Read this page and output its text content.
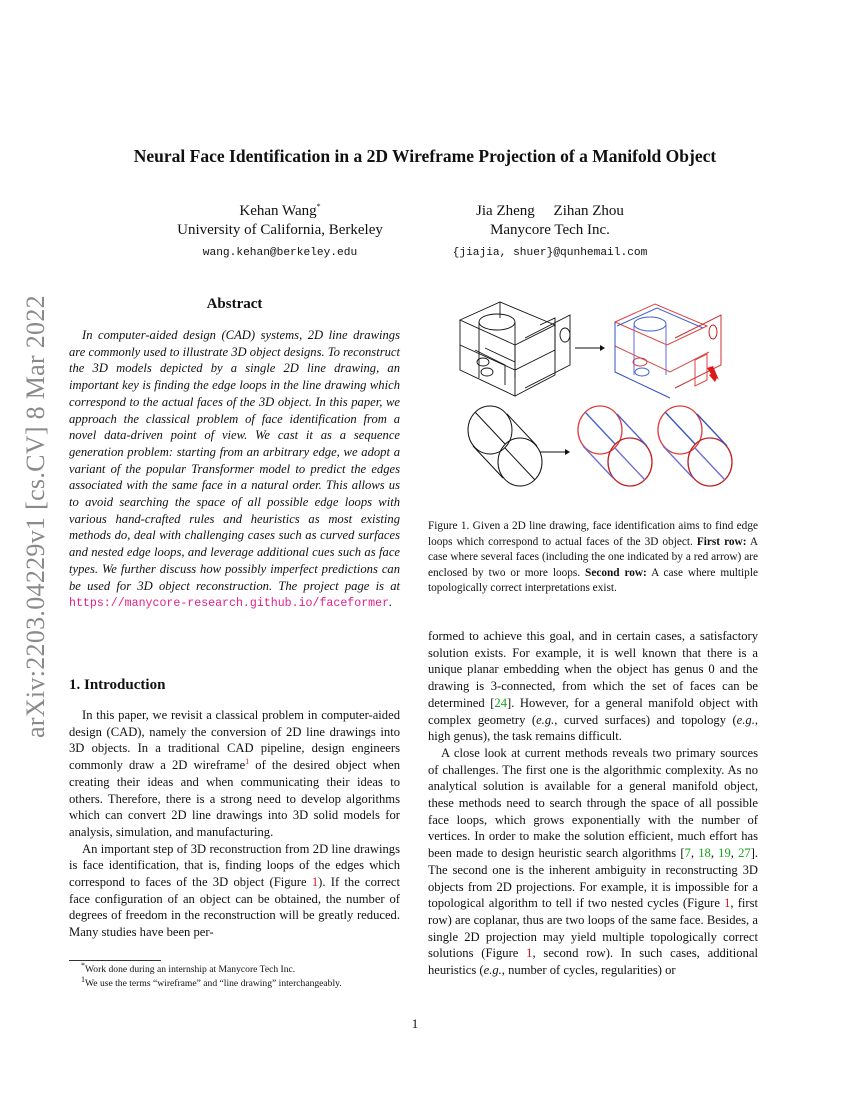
arXiv:2203.04229v1 [cs.CV] 8 Mar 2022
Neural Face Identification in a 2D Wireframe Projection of a Manifold Object
Kehan Wang*
University of California, Berkeley
wang.kehan@berkeley.edu
Jia Zheng     Zihan Zhou
Manycore Tech Inc.
{jiajia, shuer}@qunhemail.com
Abstract
In computer-aided design (CAD) systems, 2D line drawings are commonly used to illustrate 3D object designs. To reconstruct the 3D models depicted by a single 2D line drawing, an important key is finding the edge loops in the line drawing which correspond to the actual faces of the 3D object. In this paper, we approach the classical problem of face identification from a novel data-driven point of view. We cast it as a sequence generation problem: starting from an arbitrary edge, we adopt a variant of the popular Transformer model to predict the edges associated with the same face in a natural order. This allows us to avoid searching the space of all possible edge loops with various hand-crafted rules and heuristics as most existing methods do, deal with challenging cases such as curved surfaces and nested edge loops, and leverage additional cues such as face types. We further discuss how possibly imperfect predictions can be used for 3D object reconstruction. The project page is at https://manycore-research.github.io/faceformer.
1. Introduction

In this paper, we revisit a classical problem in computer-aided design (CAD), namely the conversion of 2D line drawings into 3D objects. In a traditional CAD pipeline, design engineers commonly draw a 2D wireframe$^1$ of the desired object when creating their ideas and when communicating their ideas to others. Therefore, there is a strong need to develop algorithms which can convert 2D line drawings into 3D solid models for analysis, simulation, and manufacturing.

An important step of 3D reconstruction from 2D line drawings is face identification, that is, finding loops of the edges which correspond to faces of the 3D object (Figure 1). If the correct face configuration of an object can be obtained, the number of degrees of freedom in the reconstruction will be greatly reduced. Many studies have been per-

*Work done during an internship at Manycore Tech Inc.
$^1$We use the terms “wireframe” and “line drawing” interchangeably.
Figure 1. Given a 2D line drawing, face identification aims to find edge loops which correspond to actual faces of the 3D object. First row: A case where several faces (including the one indicated by a red arrow) are enclosed by two or more loops. Second row: A case where multiple topologically correct interpretations exist.

formed to achieve this goal, and in certain cases, a satisfactory solution exists. For example, it is well known that there is a unique planar embedding when the object has genus 0 and the drawing is 3-connected, from which the set of faces can be determined [24]. However, for a general manifold object with complex geometry (e.g., curved surfaces) and topology (e.g., high genus), the task remains difficult.

A close look at current methods reveals two primary sources of challenges. The first one is the algorithmic complexity. As no analytical solution is available for a general manifold object, these methods need to search through the space of all possible face loops, which grows exponentially with the number of vertices. In order to make the solution efficient, much effort has been made to design heuristic search algorithms [7, 18, 19, 27]. The second one is the inherent ambiguity in reconstructing 3D objects from 2D projections. For example, it is impossible for a topological algorithm to tell if two nested cycles (Figure 1, first row) are coplanar, thus are two loops of the same face. Besides, a single 2D projection may yield multiple topologically correct solutions (Figure 1, second row). In such cases, additional heuristics (e.g., number of cycles, regularities) or

1
